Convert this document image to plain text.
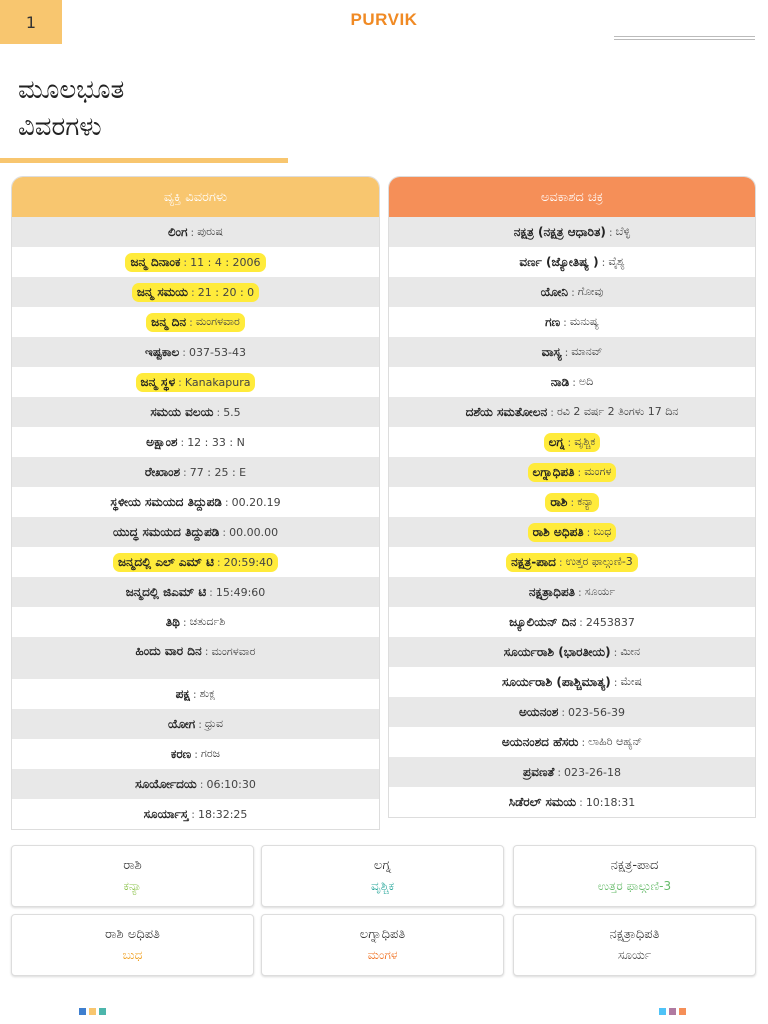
1	PURVIK
ಮೂಲಭೂತ
ವಿವರಗಳು
ವ್ಯಕ್ತಿ ವಿವರಗಳು
ಲಿಂಗ : ಪುರುಷ
ಜನ್ಮ ದಿನಾಂಕ : 11 : 4 : 2006
ಜನ್ಮ ಸಮಯ : 21 : 20 : 0
ಜನ್ಮ ದಿನ : ಮಂಗಳವಾರ
ಇಷ್ಟಕಾಲ : 037-53-43
ಜನ್ಮ ಸ್ಥಳ : Kanakapura
ಸಮಯ ವಲಯ : 5.5
ಅಕ್ಷಾಂಶ : 12 : 33 : N
ರೇಖಾಂಶ : 77 : 25 : E
ಸ್ಥಳೀಯ ಸಮಯದ ತಿದ್ದುಪಡಿ : 00.20.19
ಯುದ್ಧ ಸಮಯದ ತಿದ್ದುಪಡಿ : 00.00.00
ಜನ್ಮದಲ್ಲಿ ಎಲ್ ಎಮ್ ಟಿ : 20:59:40
ಜನ್ಮದಲ್ಲಿ ಜಿಎಮ್ ಟಿ : 15:49:60
ತಿಥಿ : ಚತುರ್ದಶಿ
ಹಿಂದು ವಾರ ದಿನ : ಮಂಗಳವಾರ
ಪಕ್ಷ : ಶುಕ್ಲ
ಯೋಗ : ಧ್ರುವ
ಕರಣ : ಗರಜ
ಸೂರ್ಯೋದಯ : 06:10:30
ಸೂರ್ಯಾಸ್ತ : 18:32:25
ಅವಕಾಶದ ಚಕ್ರ
ನಕ್ಷತ್ರ (ನಕ್ಷತ್ರ ಆಧಾರಿತ) : ಬೆಳ್ಳಿ
ವರ್ಣ (ಜ್ಯೋತಿಷ್ಯ ) : ವೈಶ್ಯ
ಯೋನಿ : ಗೋವು
ಗಣ : ಮನುಷ್ಯ
ವಾಸ್ಯ : ಮಾನವ್
ನಾಡಿ : ಅದಿ
ದಶೆಯ ಸಮತೋಲನ : ರವಿ 2 ವರ್ಷ 2 ತಿಂಗಳು 17 ದಿನ
ಲಗ್ನ : ವೃಶ್ಚಿಕ
ಲಗ್ನಾಧಿಪತಿ : ಮಂಗಳ
ರಾಶಿ : ಕನ್ಯಾ
ರಾಶಿ ಅಧಿಪತಿ : ಬುಧ
ನಕ್ಷತ್ರ-ಪಾದ : ಉತ್ತರ ಫಾಲ್ಗುಣಿ-3
ನಕ್ಷತ್ರಾಧಿಪತಿ : ಸೂರ್ಯ
ಜ್ಯೂಲಿಯನ್ ದಿನ : 2453837
ಸೂರ್ಯರಾಶಿ (ಭಾರತೀಯ) : ಮೀನ
ಸೂರ್ಯರಾಶಿ (ಪಾಶ್ಚಿಮಾತ್ಯ) : ಮೇಷ
ಅಯನಂಶ : 023-56-39
ಅಯನಂಶದ ಹೆಸರು : ಲಾಹಿರಿ ಆಹ್ಯನ್
ಪ್ರವಣತೆ : 023-26-18
ಸಿಡೆರಲ್ ಸಮಯ : 10:18:31
ರಾಶಿ
ಕನ್ಯಾ
ಲಗ್ನ
ವೃಶ್ಚಿಕ
ನಕ್ಷತ್ರ-ಪಾದ
ಉತ್ತರ ಫಾಲ್ಗುಣಿ-3
ರಾಶಿ ಅಧಿಪತಿ
ಬುಧ
ಲಗ್ನಾಧಿಪತಿ
ಮಂಗಳ
ನಕ್ಷತ್ರಾಧಿಪತಿ
ಸೂರ್ಯ
